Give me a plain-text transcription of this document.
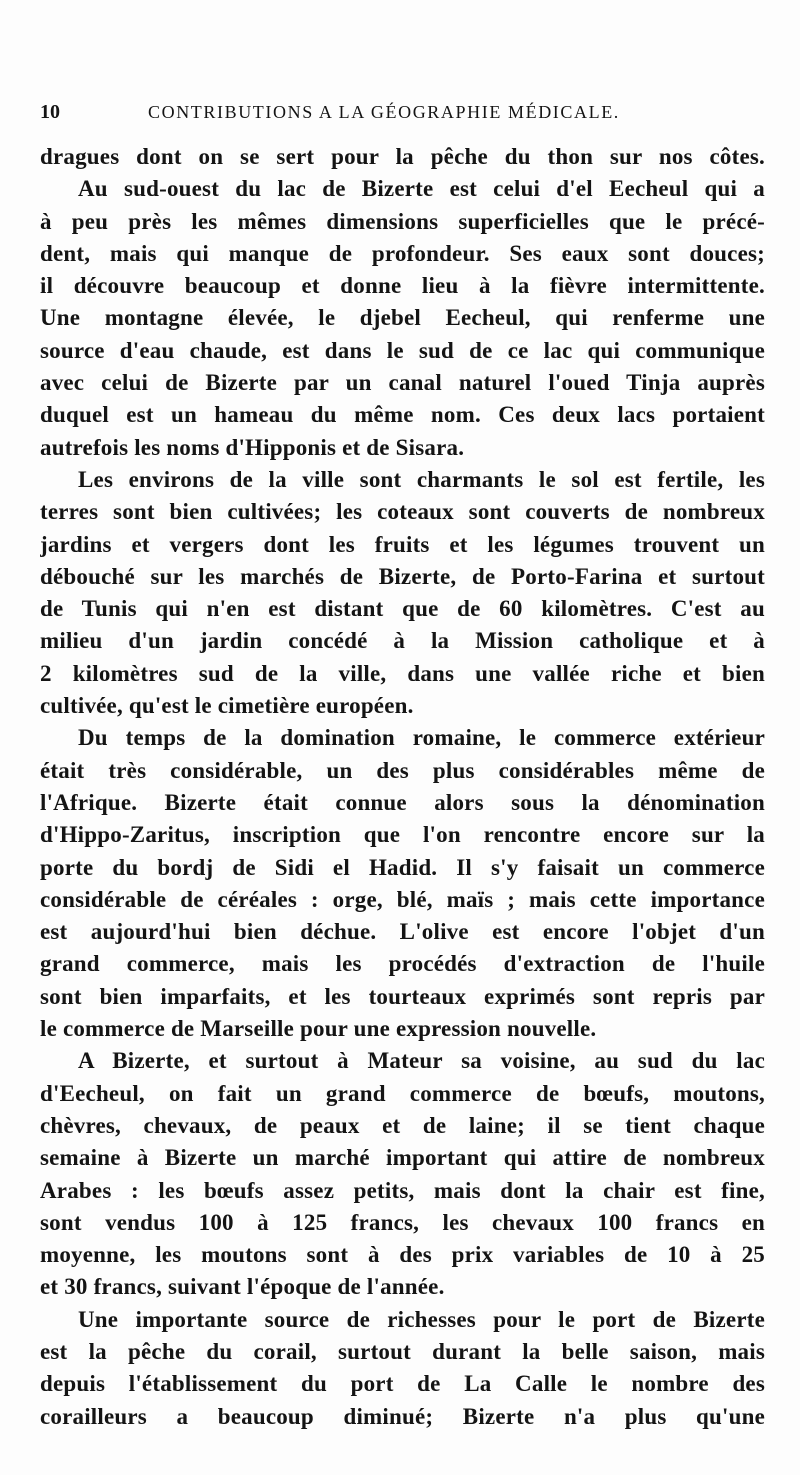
10	CONTRIBUTIONS A LA GÉOGRAPHIE MÉDICALE.
dragues dont on se sert pour la pêche du thon sur nos côtes.
Au sud-ouest du lac de Bizerte est celui d'el Eecheul qui a
à peu près les mêmes dimensions superficielles que le précé-
dent, mais qui manque de profondeur. Ses eaux sont douces;
il découvre beaucoup et donne lieu à la fièvre intermittente.
Une montagne élevée, le djebel Eecheul, qui renferme une
source d'eau chaude, est dans le sud de ce lac qui communique
avec celui de Bizerte par un canal naturel l'oued Tinja auprès
duquel est un hameau du même nom. Ces deux lacs portaient
autrefois les noms d'Hipponis et de Sisara.
Les environs de la ville sont charmants le sol est fertile, les
terres sont bien cultivées; les coteaux sont couverts de nombreux
jardins et vergers dont les fruits et les légumes trouvent un
débouché sur les marchés de Bizerte, de Porto-Farina et surtout
de Tunis qui n'en est distant que de 60 kilomètres. C'est au
milieu d'un jardin concédé à la Mission catholique et à
2 kilomètres sud de la ville, dans une vallée riche et bien
cultivée, qu'est le cimetière européen.
Du temps de la domination romaine, le commerce extérieur
était très considérable, un des plus considérables même de
l'Afrique. Bizerte était connue alors sous la dénomination
d'Hippo-Zaritus, inscription que l'on rencontre encore sur la
porte du bordj de Sidi el Hadid. Il s'y faisait un commerce
considérable de céréales : orge, blé, maïs ; mais cette importance
est aujourd'hui bien déchue. L'olive est encore l'objet d'un
grand commerce, mais les procédés d'extraction de l'huile
sont bien imparfaits, et les tourteaux exprimés sont repris par
le commerce de Marseille pour une expression nouvelle.
A Bizerte, et surtout à Mateur sa voisine, au sud du lac
d'Eecheul, on fait un grand commerce de bœufs, moutons,
chèvres, chevaux, de peaux et de laine; il se tient chaque
semaine à Bizerte un marché important qui attire de nombreux
Arabes : les bœufs assez petits, mais dont la chair est fine,
sont vendus 100 à 125 francs, les chevaux 100 francs en
moyenne, les moutons sont à des prix variables de 10 à 25
et 30 francs, suivant l'époque de l'année.
Une importante source de richesses pour le port de Bizerte
est la pêche du corail, surtout durant la belle saison, mais
depuis l'établissement du port de La Calle le nombre des
corailleurs a beaucoup diminué; Bizerte n'a plus qu'une
